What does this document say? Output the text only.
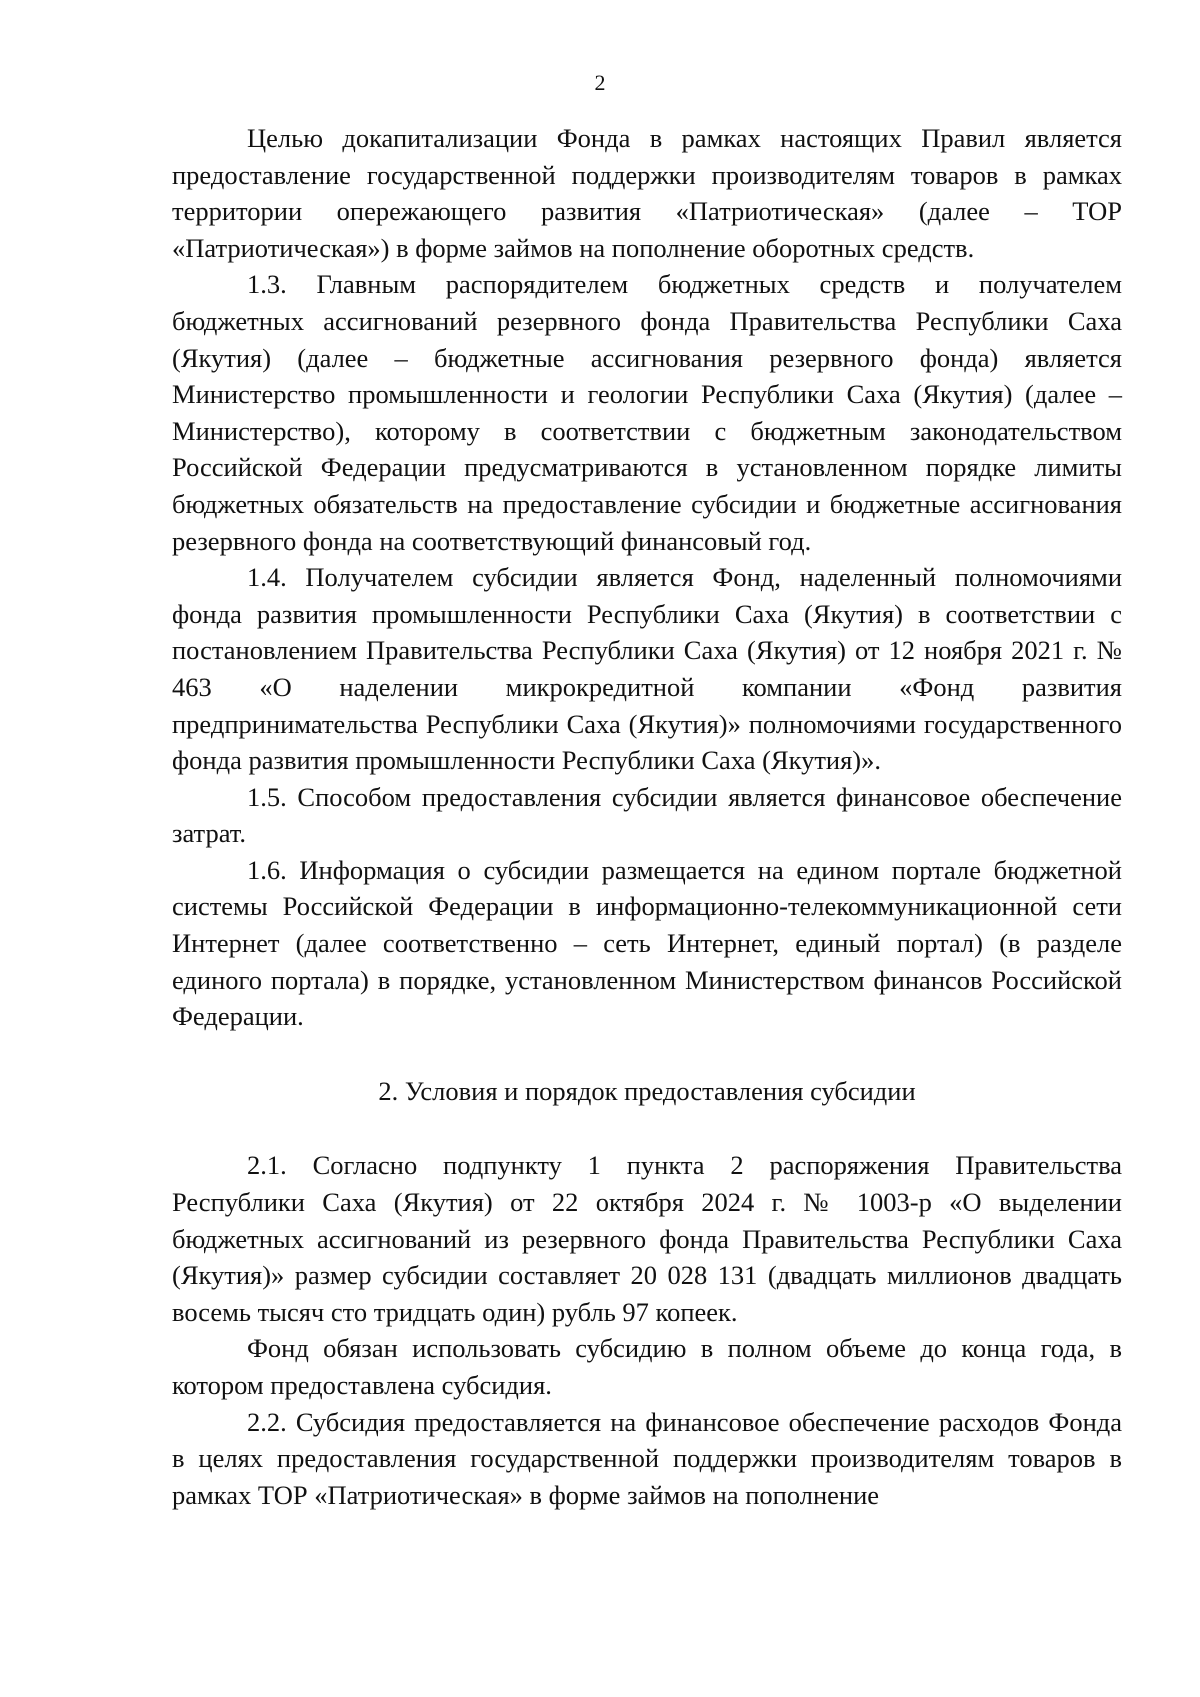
2

Целью докапитализации Фонда в рамках настоящих Правил является предоставление государственной поддержки производителям товаров в рамках территории опережающего развития «Патриотическая» (далее – ТОР «Патриотическая») в форме займов на пополнение оборотных средств.

1.3. Главным распорядителем бюджетных средств и получателем бюджетных ассигнований резервного фонда Правительства Республики Саха (Якутия) (далее – бюджетные ассигнования резервного фонда) является Министерство промышленности и геологии Республики Саха (Якутия) (далее – Министерство), которому в соответствии с бюджетным законодательством Российской Федерации предусматриваются в установленном порядке лимиты бюджетных обязательств на предоставление субсидии и бюджетные ассигнования резервного фонда на соответствующий финансовый год.

1.4. Получателем субсидии является Фонд, наделенный полномочиями фонда развития промышленности Республики Саха (Якутия) в соответствии с постановлением Правительства Республики Саха (Якутия) от 12 ноября 2021 г. № 463 «О наделении микрокредитной компании «Фонд развития предпринимательства Республики Саха (Якутия)» полномочиями государственного фонда развития промышленности Республики Саха (Якутия)».

1.5. Способом предоставления субсидии является финансовое обеспечение затрат.

1.6. Информация о субсидии размещается на едином портале бюджетной системы Российской Федерации в информационно-телекоммуникационной сети Интернет (далее соответственно – сеть Интернет, единый портал) (в разделе единого портала) в порядке, установленном Министерством финансов Российской Федерации.

2. Условия и порядок предоставления субсидии

2.1. Согласно подпункту 1 пункта 2 распоряжения Правительства Республики Саха (Якутия) от 22 октября 2024 г. № 1003-р «О выделении бюджетных ассигнований из резервного фонда Правительства Республики Саха (Якутия)» размер субсидии составляет 20 028 131 (двадцать миллионов двадцать восемь тысяч сто тридцать один) рубль 97 копеек.

Фонд обязан использовать субсидию в полном объеме до конца года, в котором предоставлена субсидия.

2.2. Субсидия предоставляется на финансовое обеспечение расходов Фонда в целях предоставления государственной поддержки производителям товаров в рамках ТОР «Патриотическая» в форме займов на пополнение
